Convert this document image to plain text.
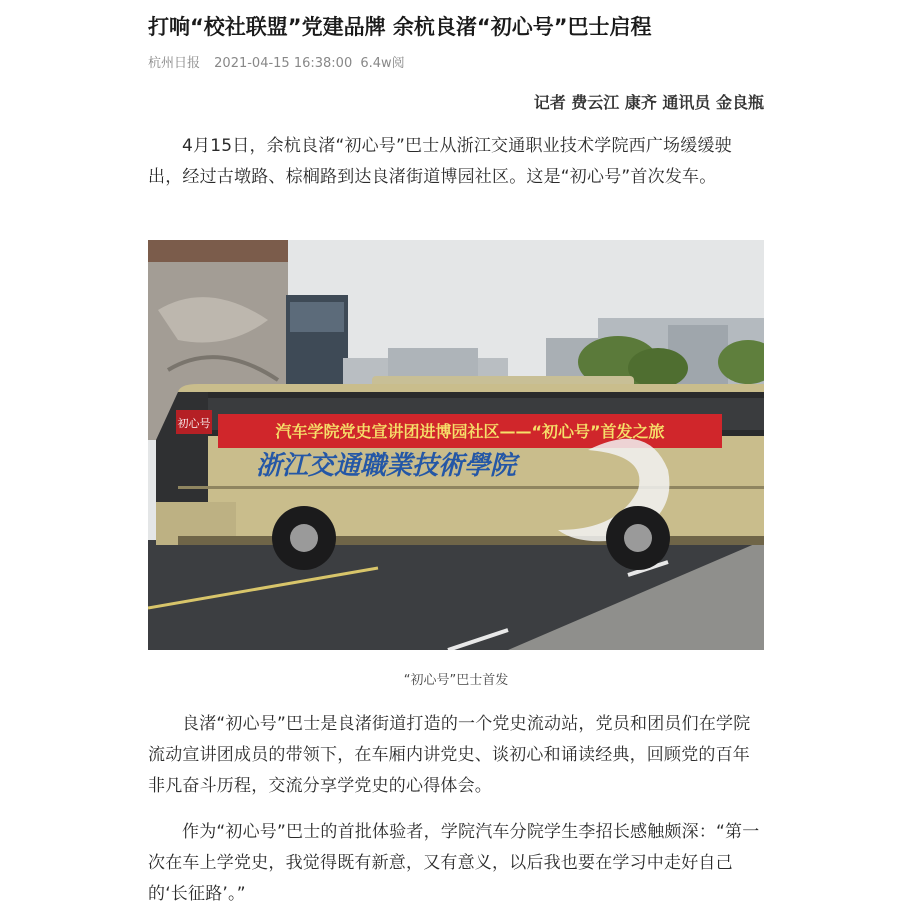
打响“校社联盟”党建品牌 余杭良渚“初心号”巴士启程
杭州日报 2021-04-15 16:38:00 6.4w阅
记者 费云江 康齐 通讯员 金良瓶

4月15日，余杭良渚“初心号”巴士从浙江交通职业技术学院西广场缓缓驶出，经过古墩路、棕榈路到达良渚街道博园社区。这是“初心号”首次发车。

初心号	汽车学院党史宣讲团进博园社区——“初心号”首发之旅
浙江交通職業技術學院
“初心号”巴士首发

良渚“初心号”巴士是良渚街道打造的一个党史流动站，党员和团员们在学院流动宣讲团成员的带领下，在车厢内讲党史、谈初心和诵读经典，回顾党的百年非凡奋斗历程，交流分享学党史的心得体会。

作为“初心号”巴士的首批体验者，学院汽车分院学生李招长感触颇深：“第一次在车上学党史，我觉得既有新意，又有意义，以后我也要在学习中走好自己的‘长征路’。”
